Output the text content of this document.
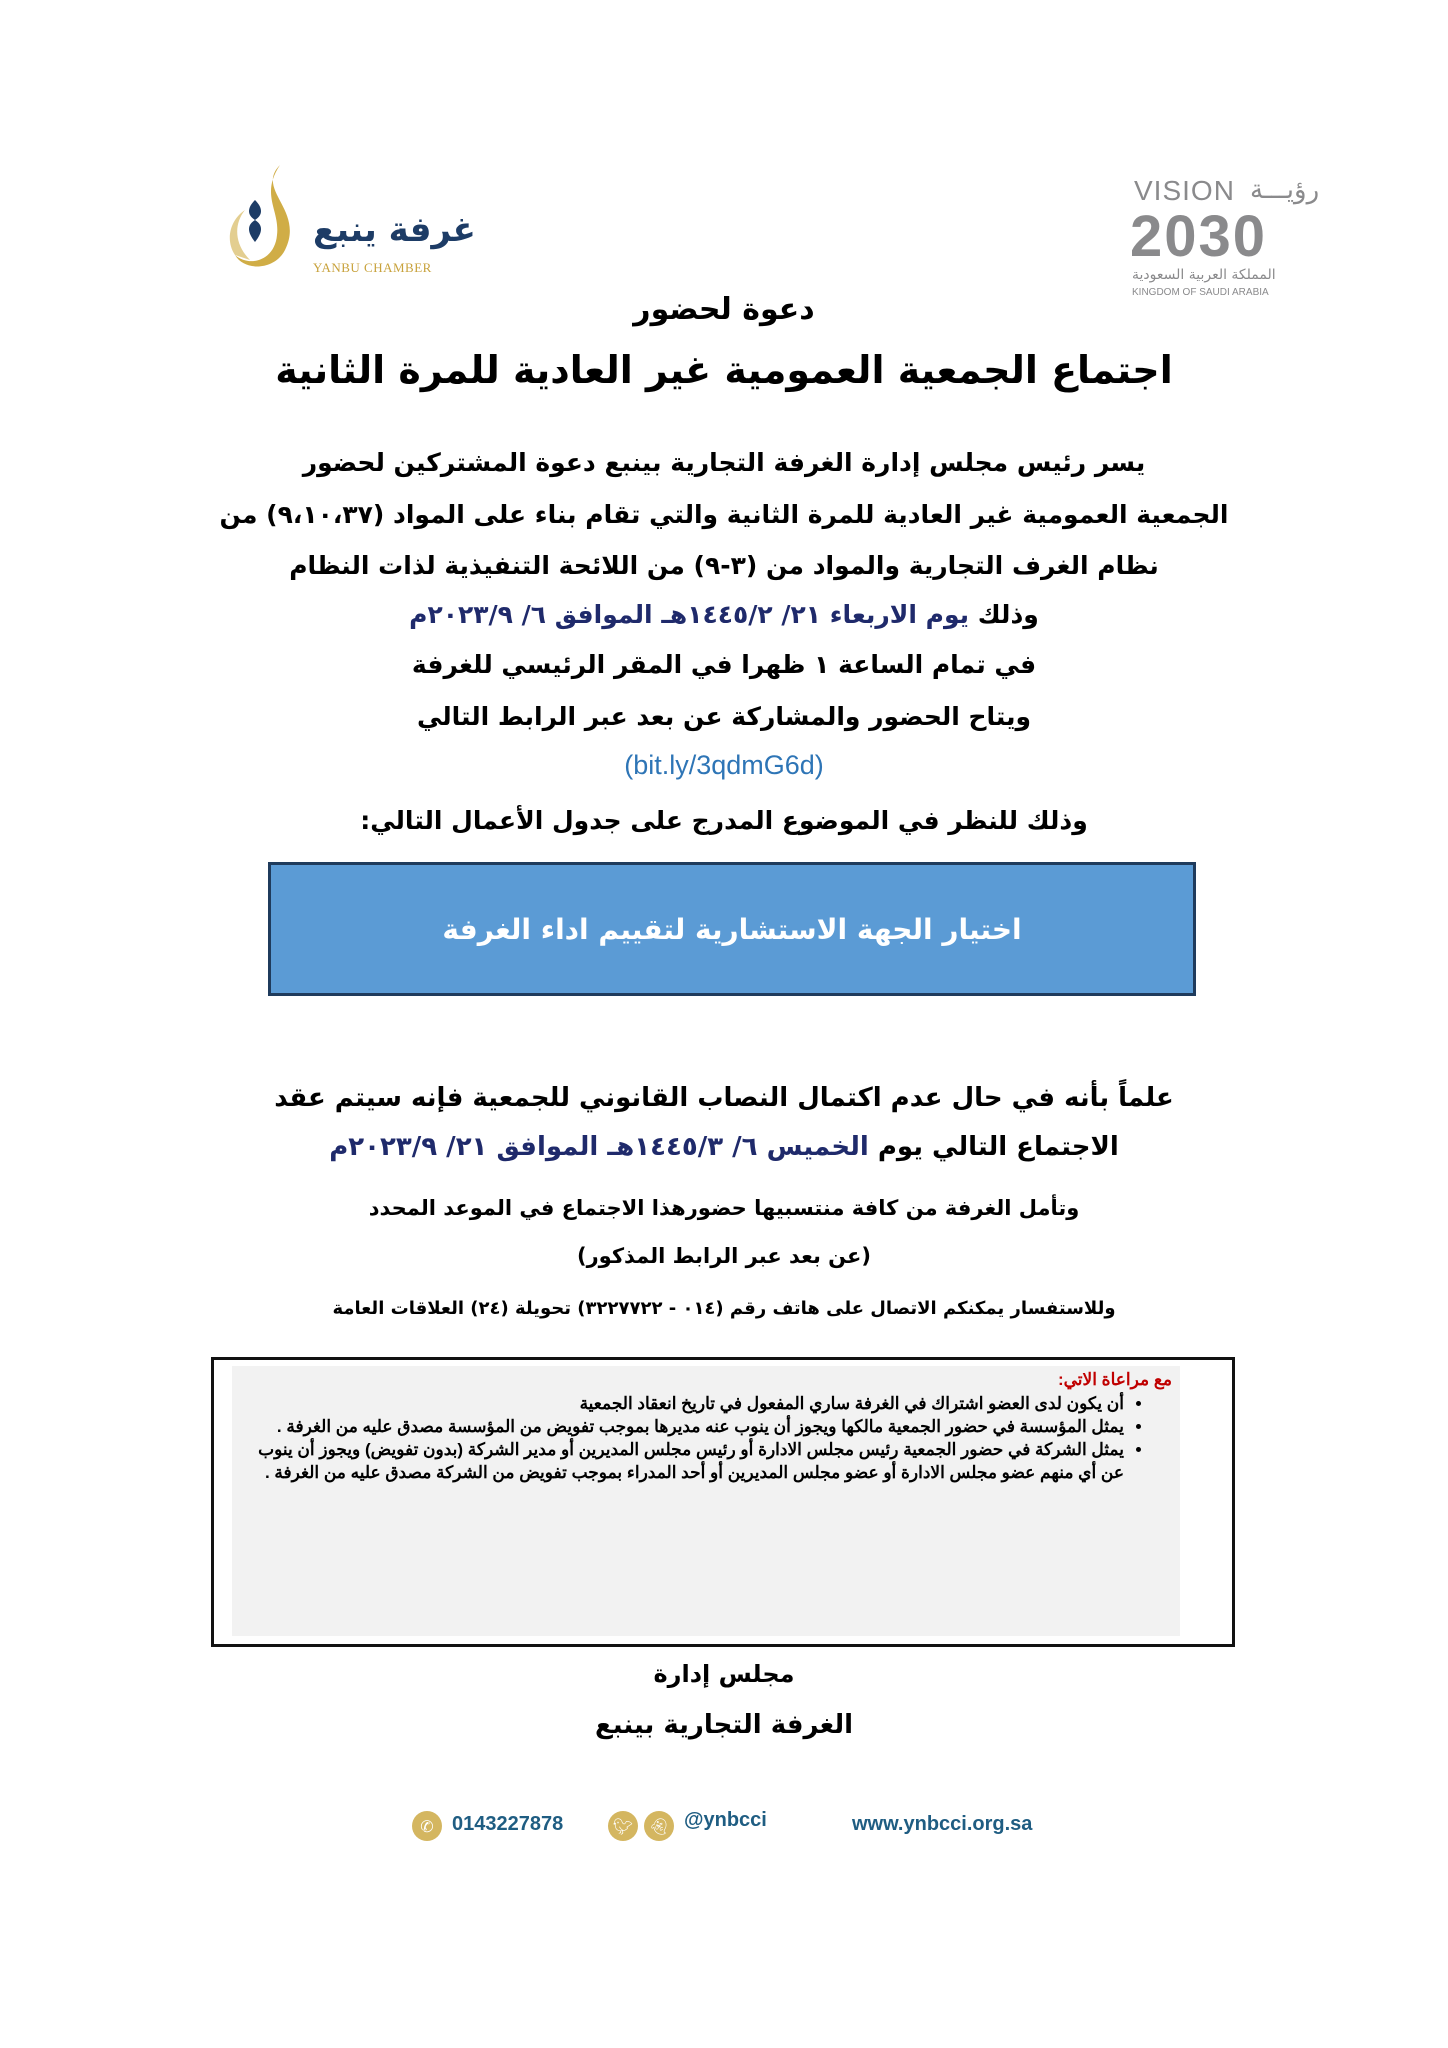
غرفة ينبع
YANBU CHAMBER
VISION رؤيـــة
2030
المملكة العربية السعودية
KINGDOM OF SAUDI ARABIA
دعوة لحضور
اجتماع الجمعية العمومية غير العادية للمرة الثانية
يسر رئيس مجلس إدارة الغرفة التجارية بينبع دعوة المشتركين لحضور
الجمعية العمومية غير العادية للمرة الثانية والتي تقام بناء على المواد (٩،١٠،٣٧) من
نظام الغرف التجارية والمواد من (٣-٩) من اللائحة التنفيذية لذات النظام
وذلك يوم الاربعاء ٢١/ ١٤٤٥/٢هـ الموافق ٦/ ٢٠٢٣/٩م
في تمام الساعة ١ ظهرا في المقر الرئيسي للغرفة
ويتاح الحضور والمشاركة عن بعد عبر الرابط التالي
(bit.ly/3qdmG6d)
وذلك للنظر في الموضوع المدرج على جدول الأعمال التالي:
اختيار الجهة الاستشارية لتقييم اداء الغرفة
علماً بأنه في حال عدم اكتمال النصاب القانوني للجمعية فإنه سيتم عقد
الاجتماع التالي يوم الخميس ٦/ ١٤٤٥/٣هـ الموافق ٢١/ ٢٠٢٣/٩م
وتأمل الغرفة من كافة منتسبيها حضورهذا الاجتماع في الموعد المحدد
(عن بعد عبر الرابط المذكور)
وللاستفسار يمكنكم الاتصال على هاتف رقم (٠١٤ - ٣٢٢٧٧٢٢) تحويلة (٢٤) العلاقات العامة
مع مراعاة الاتي:
• أن يكون لدى العضو اشتراك في الغرفة ساري المفعول في تاريخ انعقاد الجمعية
• يمثل المؤسسة في حضور الجمعية مالكها ويجوز أن ينوب عنه مديرها بموجب تفويض من المؤسسة مصدق عليه من الغرفة .
• يمثل الشركة في حضور الجمعية رئيس مجلس الادارة أو رئيس مجلس المديرين أو مدير الشركة (بدون تفويض) ويجوز أن ينوب عن أي منهم عضو مجلس الادارة أو عضو مجلس المديرين أو أحد المدراء بموجب تفويض من الشركة مصدق عليه من الغرفة .
مجلس إدارة
الغرفة التجارية بينبع
✆ 0143227878	🐦︎ 👻︎ @ynbcci	www.ynbcci.org.sa
